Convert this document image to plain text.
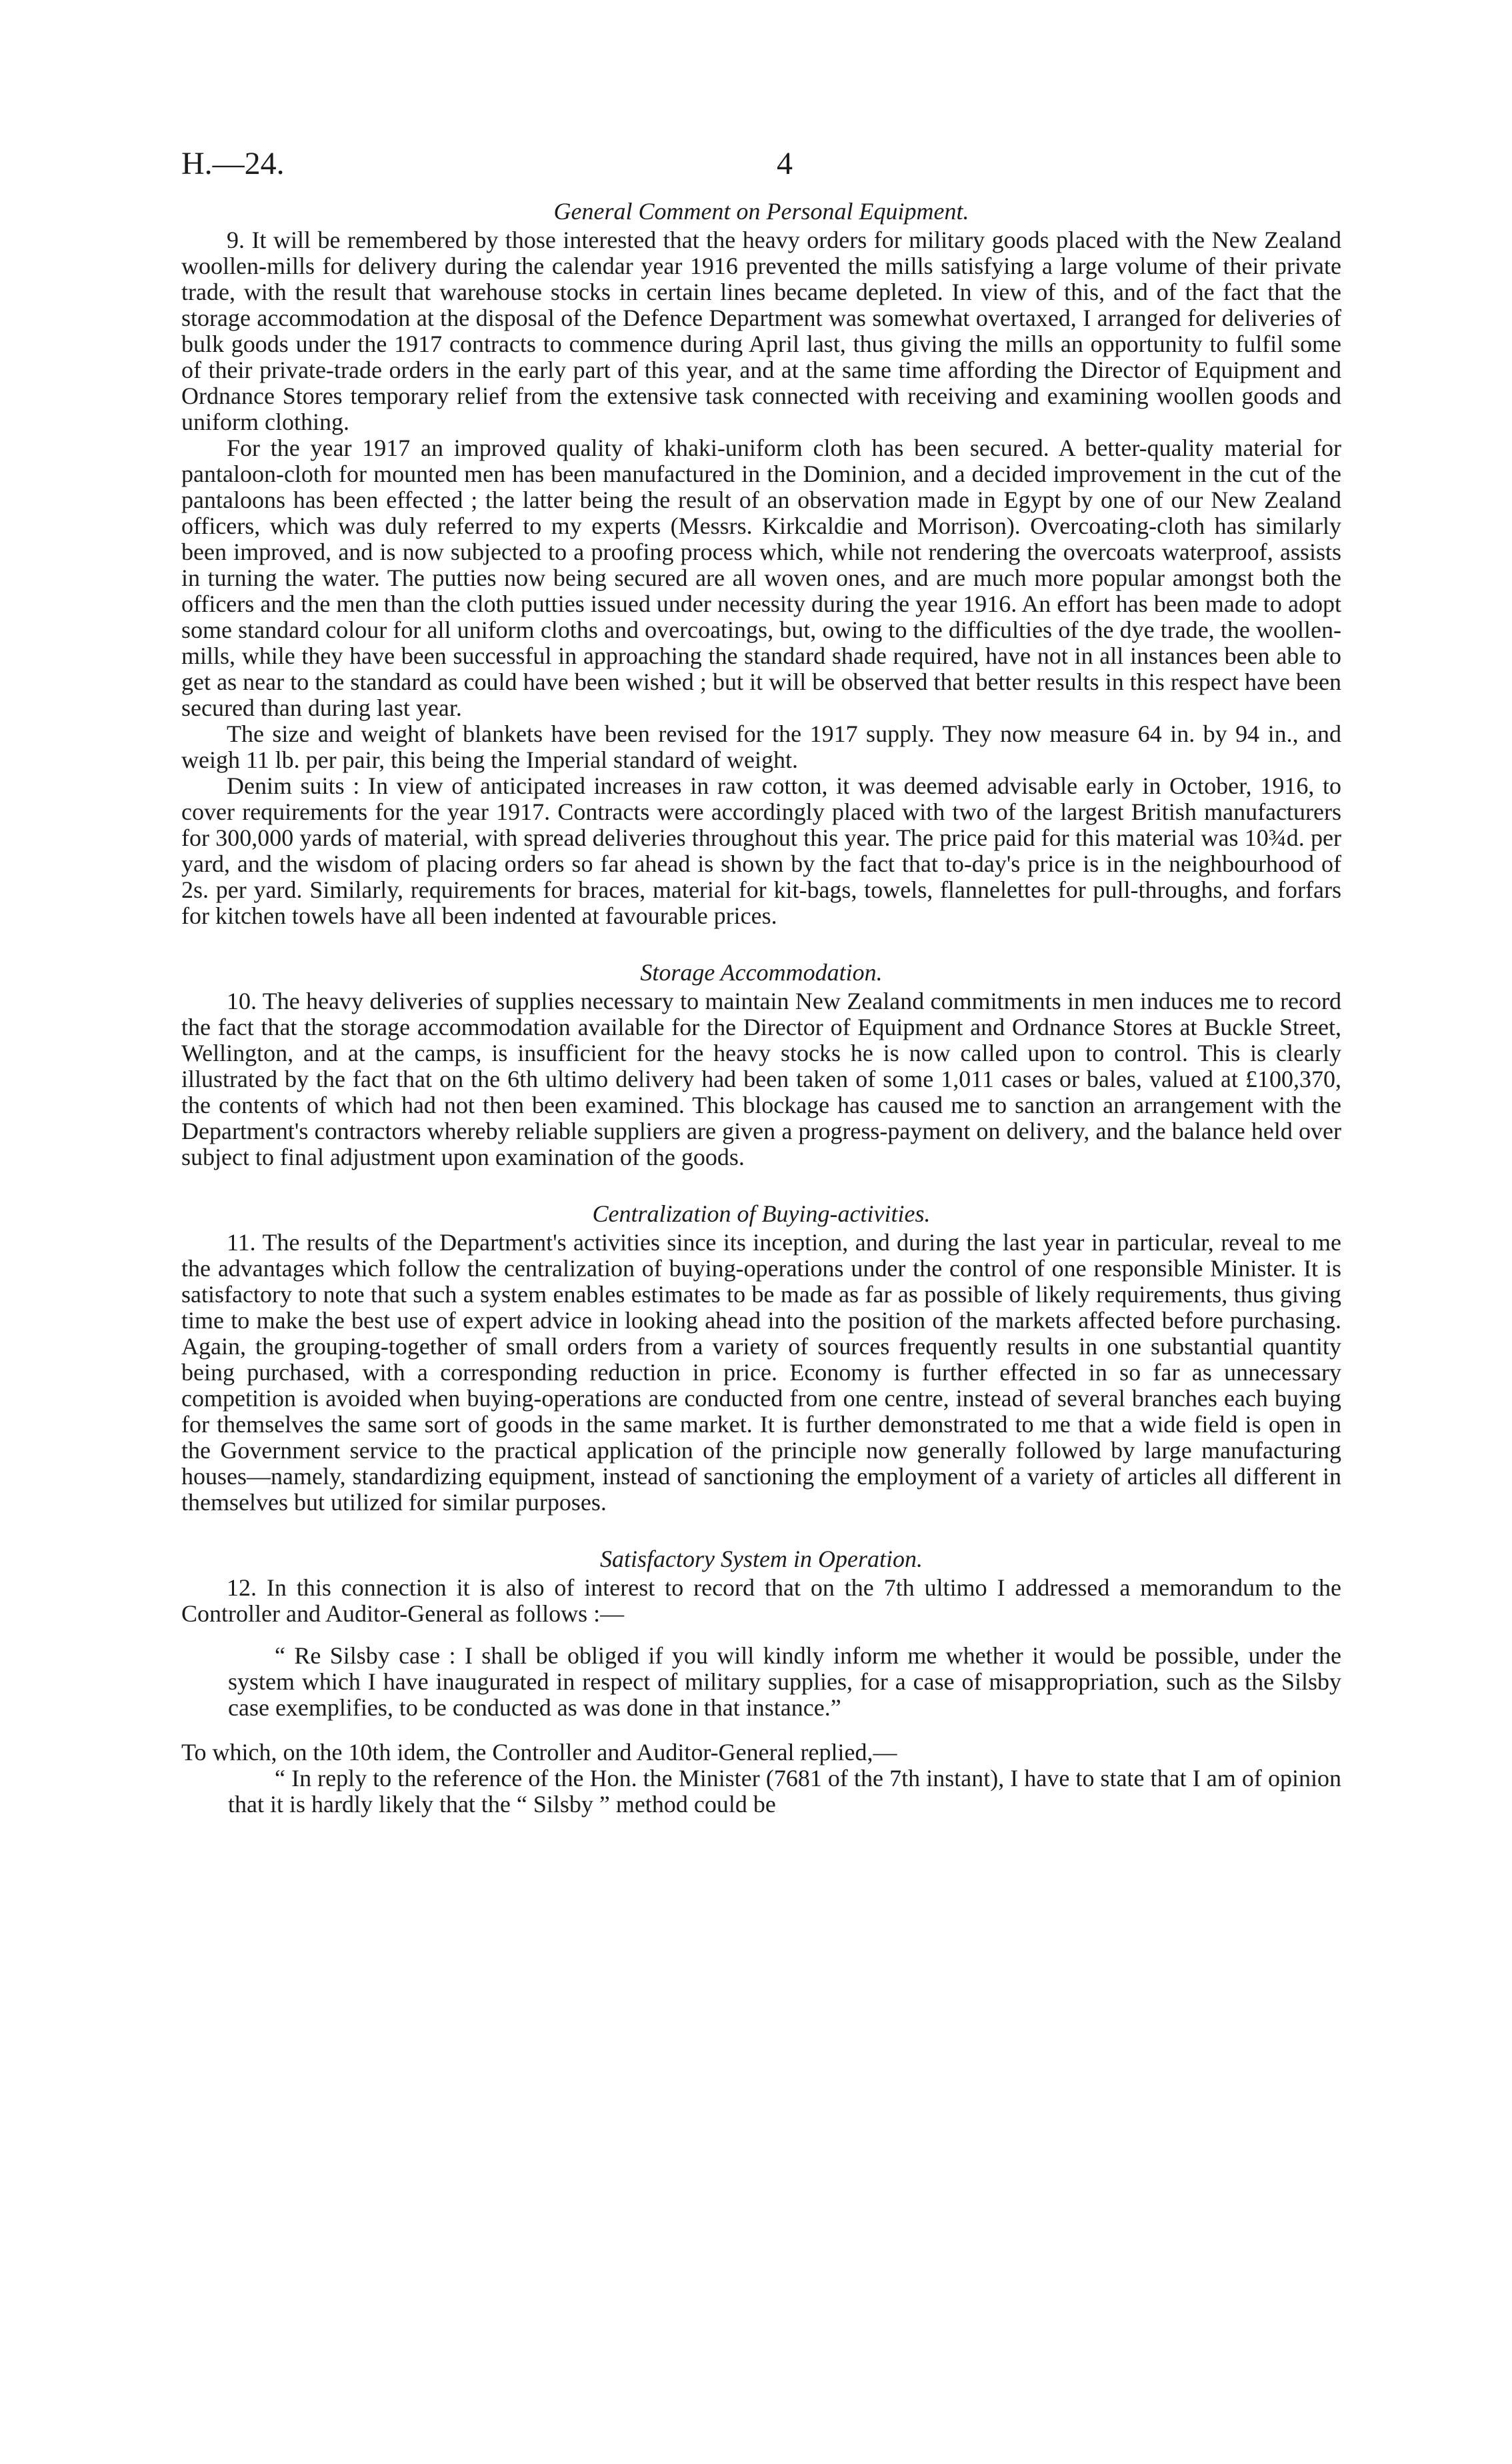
H.—24.	4
General Comment on Personal Equipment.

9. It will be remembered by those interested that the heavy orders for military goods placed with the New Zealand woollen-mills for delivery during the calendar year 1916 prevented the mills satisfying a large volume of their private trade, with the result that warehouse stocks in certain lines became depleted. In view of this, and of the fact that the storage accommodation at the disposal of the Defence Department was somewhat overtaxed, I arranged for deliveries of bulk goods under the 1917 contracts to commence during April last, thus giving the mills an opportunity to fulfil some of their private-trade orders in the early part of this year, and at the same time affording the Director of Equipment and Ordnance Stores temporary relief from the extensive task connected with receiving and examining woollen goods and uniform clothing.

For the year 1917 an improved quality of khaki-uniform cloth has been secured. A better-quality material for pantaloon-cloth for mounted men has been manufactured in the Dominion, and a decided improvement in the cut of the pantaloons has been effected ; the latter being the result of an observation made in Egypt by one of our New Zealand officers, which was duly referred to my experts (Messrs. Kirkcaldie and Morrison). Overcoating-cloth has similarly been improved, and is now subjected to a proofing process which, while not rendering the overcoats waterproof, assists in turning the water. The putties now being secured are all woven ones, and are much more popular amongst both the officers and the men than the cloth putties issued under necessity during the year 1916. An effort has been made to adopt some standard colour for all uniform cloths and overcoatings, but, owing to the difficulties of the dye trade, the woollen-mills, while they have been successful in approaching the standard shade required, have not in all instances been able to get as near to the standard as could have been wished ; but it will be observed that better results in this respect have been secured than during last year.

The size and weight of blankets have been revised for the 1917 supply. They now measure 64 in. by 94 in., and weigh 11 lb. per pair, this being the Imperial standard of weight.

Denim suits : In view of anticipated increases in raw cotton, it was deemed advisable early in October, 1916, to cover requirements for the year 1917. Contracts were accordingly placed with two of the largest British manufacturers for 300,000 yards of material, with spread deliveries throughout this year. The price paid for this material was 10¾d. per yard, and the wisdom of placing orders so far ahead is shown by the fact that to-day's price is in the neighbourhood of 2s. per yard. Similarly, requirements for braces, material for kit-bags, towels, flannelettes for pull-throughs, and forfars for kitchen towels have all been indented at favourable prices.

Storage Accommodation.

10. The heavy deliveries of supplies necessary to maintain New Zealand commitments in men induces me to record the fact that the storage accommodation available for the Director of Equipment and Ordnance Stores at Buckle Street, Wellington, and at the camps, is insufficient for the heavy stocks he is now called upon to control. This is clearly illustrated by the fact that on the 6th ultimo delivery had been taken of some 1,011 cases or bales, valued at £100,370, the contents of which had not then been examined. This blockage has caused me to sanction an arrangement with the Department's contractors whereby reliable suppliers are given a progress-payment on delivery, and the balance held over subject to final adjustment upon examination of the goods.

Centralization of Buying-activities.

11. The results of the Department's activities since its inception, and during the last year in particular, reveal to me the advantages which follow the centralization of buying-operations under the control of one responsible Minister. It is satisfactory to note that such a system enables estimates to be made as far as possible of likely requirements, thus giving time to make the best use of expert advice in looking ahead into the position of the markets affected before purchasing. Again, the grouping-together of small orders from a variety of sources frequently results in one substantial quantity being purchased, with a corresponding reduction in price. Economy is further effected in so far as unnecessary competition is avoided when buying-operations are conducted from one centre, instead of several branches each buying for themselves the same sort of goods in the same market. It is further demonstrated to me that a wide field is open in the Government service to the practical application of the principle now generally followed by large manufacturing houses—namely, standardizing equipment, instead of sanctioning the employment of a variety of articles all different in themselves but utilized for similar purposes.

Satisfactory System in Operation.

12. In this connection it is also of interest to record that on the 7th ultimo I addressed a memorandum to the Controller and Auditor-General as follows :—

“ Re Silsby case : I shall be obliged if you will kindly inform me whether it would be possible, under the system which I have inaugurated in respect of military supplies, for a case of misappropriation, such as the Silsby case exemplifies, to be conducted as was done in that instance.”

To which, on the 10th idem, the Controller and Auditor-General replied,—

“ In reply to the reference of the Hon. the Minister (7681 of the 7th instant), I have to state that I am of opinion that it is hardly likely that the “ Silsby ” method could be
